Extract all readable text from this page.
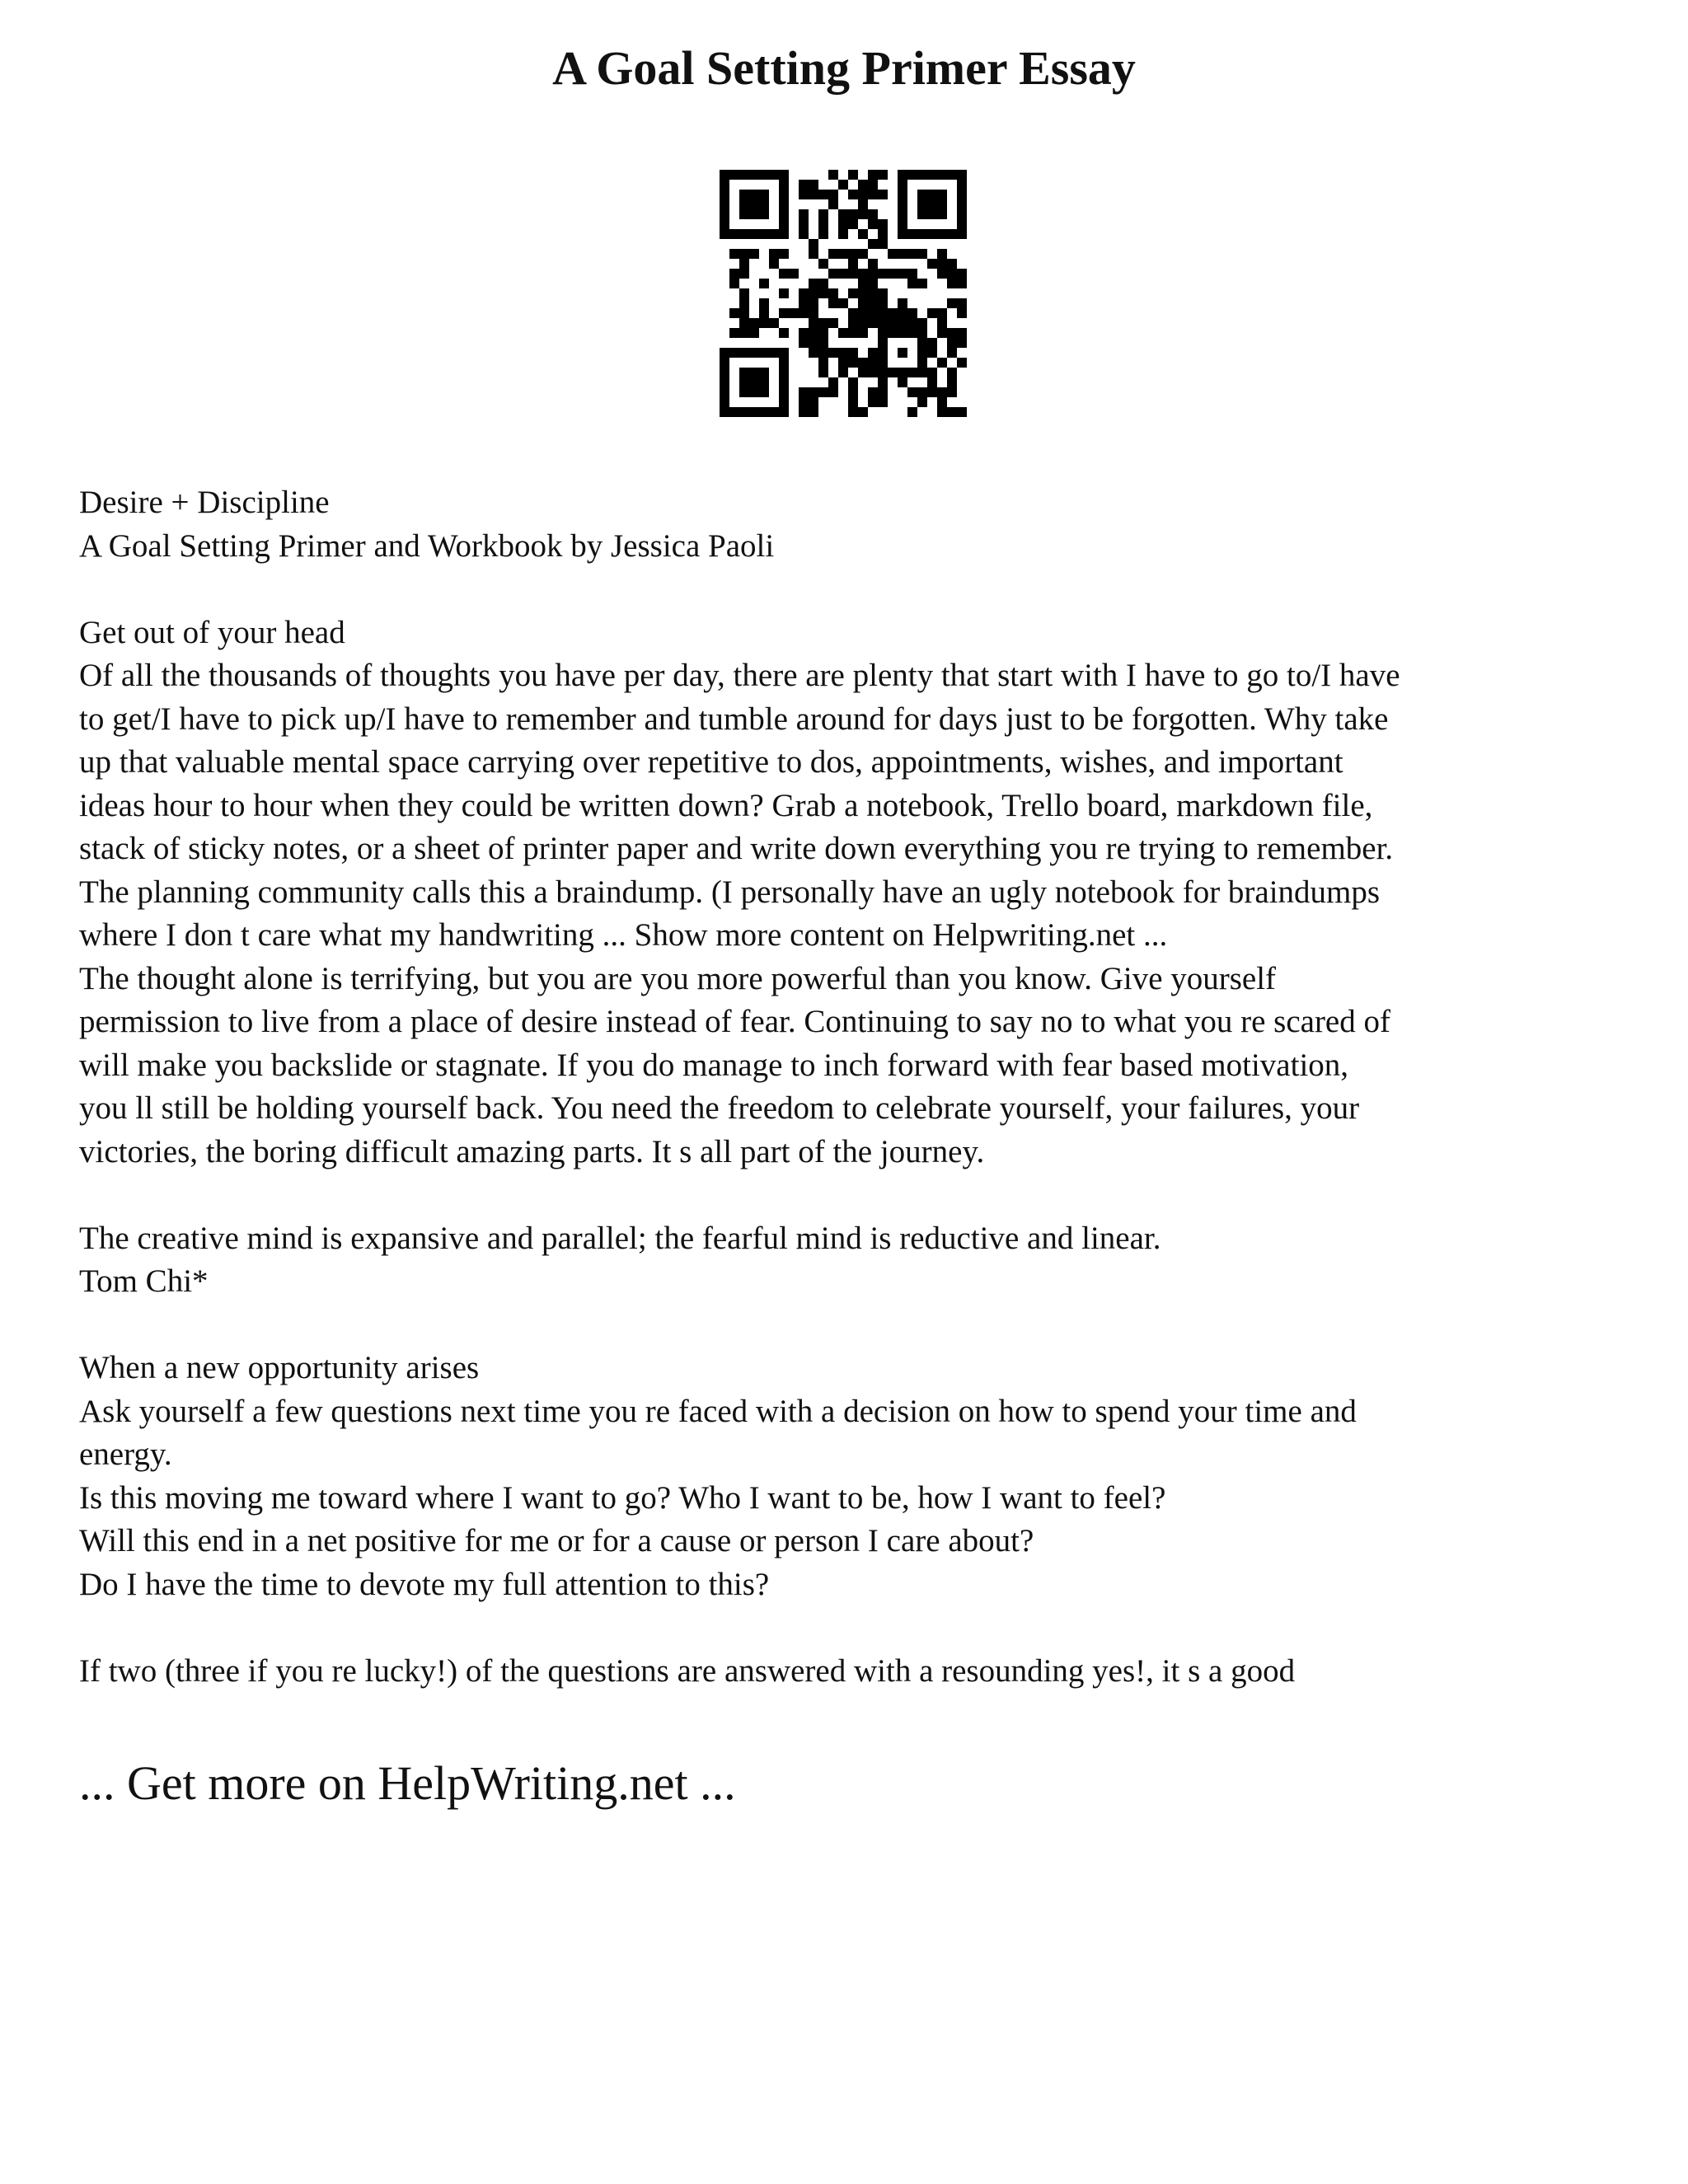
A Goal Setting Primer Essay
Desire + Discipline
A Goal Setting Primer and Workbook by Jessica Paoli
Get out of your head
Of all the thousands of thoughts you have per day, there are plenty that start with I have to go to/I have
to get/I have to pick up/I have to remember and tumble around for days just to be forgotten. Why take
up that valuable mental space carrying over repetitive to dos, appointments, wishes, and important
ideas hour to hour when they could be written down? Grab a notebook, Trello board, markdown file,
stack of sticky notes, or a sheet of printer paper and write down everything you re trying to remember.
The planning community calls this a braindump. (I personally have an ugly notebook for braindumps
where I don t care what my handwriting ... Show more content on Helpwriting.net ...
The thought alone is terrifying, but you are you more powerful than you know. Give yourself
permission to live from a place of desire instead of fear. Continuing to say no to what you re scared of
will make you backslide or stagnate. If you do manage to inch forward with fear based motivation,
you ll still be holding yourself back. You need the freedom to celebrate yourself, your failures, your
victories, the boring difficult amazing parts. It s all part of the journey.
The creative mind is expansive and parallel; the fearful mind is reductive and linear.
Tom Chi*
When a new opportunity arises
Ask yourself a few questions next time you re faced with a decision on how to spend your time and
energy.
Is this moving me toward where I want to go? Who I want to be, how I want to feel?
Will this end in a net positive for me or for a cause or person I care about?
Do I have the time to devote my full attention to this?
If two (three if you re lucky!) of the questions are answered with a resounding yes!, it s a good
... Get more on HelpWriting.net ...
